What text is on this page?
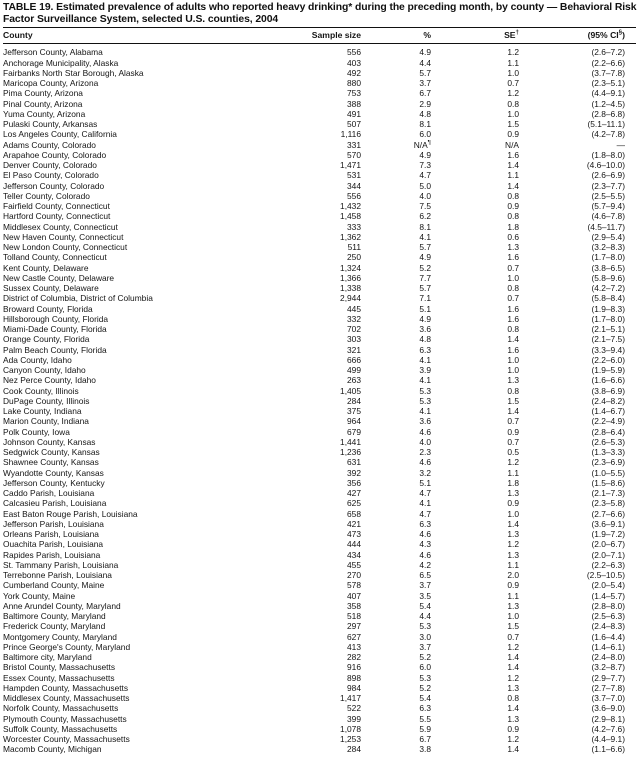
TABLE 19. Estimated prevalence of adults who reported heavy drinking* during the preceding month, by county — Behavioral Risk Factor Surveillance System, selected U.S. counties, 2004
County	Sample size	%	SE†	(95% CI§)
Jefferson County, Alabama	556	4.9	1.2	(2.6–7.2)
Anchorage Municipality, Alaska	403	4.4	1.1	(2.2–6.6)
Fairbanks North Star Borough, Alaska	492	5.7	1.0	(3.7–7.8)
Maricopa County, Arizona	880	3.7	0.7	(2.3–5.1)
Pima County, Arizona	753	6.7	1.2	(4.4–9.1)
Pinal County, Arizona	388	2.9	0.8	(1.2–4.5)
Yuma County, Arizona	491	4.8	1.0	(2.8–6.8)
Pulaski County, Arkansas	507	8.1	1.5	(5.1–11.1)
Los Angeles County, California	1,116	6.0	0.9	(4.2–7.8)
Adams County, Colorado	331	N/A¶	N/A	—
Arapahoe County, Colorado	570	4.9	1.6	(1.8–8.0)
Denver County, Colorado	1,471	7.3	1.4	(4.6–10.0)
El Paso County, Colorado	531	4.7	1.1	(2.6–6.9)
Jefferson County, Colorado	344	5.0	1.4	(2.3–7.7)
Teller County, Colorado	556	4.0	0.8	(2.5–5.5)
Fairfield County, Connecticut	1,432	7.5	0.9	(5.7–9.4)
Hartford County, Connecticut	1,458	6.2	0.8	(4.6–7.8)
Middlesex County, Connecticut	333	8.1	1.8	(4.5–11.7)
New Haven County, Connecticut	1,362	4.1	0.6	(2.9–5.4)
New London County, Connecticut	511	5.7	1.3	(3.2–8.3)
Tolland County, Connecticut	250	4.9	1.6	(1.7–8.0)
Kent County, Delaware	1,324	5.2	0.7	(3.8–6.5)
New Castle County, Delaware	1,366	7.7	1.0	(5.8–9.6)
Sussex County, Delaware	1,338	5.7	0.8	(4.2–7.2)
District of Columbia, District of Columbia	2,944	7.1	0.7	(5.8–8.4)
Broward County, Florida	445	5.1	1.6	(1.9–8.3)
Hillsborough County, Florida	332	4.9	1.6	(1.7–8.0)
Miami-Dade County, Florida	702	3.6	0.8	(2.1–5.1)
Orange County, Florida	303	4.8	1.4	(2.1–7.5)
Palm Beach County, Florida	321	6.3	1.6	(3.3–9.4)
Ada County, Idaho	666	4.1	1.0	(2.2–6.0)
Canyon County, Idaho	499	3.9	1.0	(1.9–5.9)
Nez Perce County, Idaho	263	4.1	1.3	(1.6–6.6)
Cook County, Illinois	1,405	5.3	0.8	(3.8–6.9)
DuPage County, Illinois	284	5.3	1.5	(2.4–8.2)
Lake County, Indiana	375	4.1	1.4	(1.4–6.7)
Marion County, Indiana	964	3.6	0.7	(2.2–4.9)
Polk County, Iowa	679	4.6	0.9	(2.8–6.4)
Johnson County, Kansas	1,441	4.0	0.7	(2.6–5.3)
Sedgwick County, Kansas	1,236	2.3	0.5	(1.3–3.3)
Shawnee County, Kansas	631	4.6	1.2	(2.3–6.9)
Wyandotte County, Kansas	392	3.2	1.1	(1.0–5.5)
Jefferson County, Kentucky	356	5.1	1.8	(1.5–8.6)
Caddo Parish, Louisiana	427	4.7	1.3	(2.1–7.3)
Calcasieu Parish, Louisiana	625	4.1	0.9	(2.3–5.8)
East Baton Rouge Parish, Louisiana	658	4.7	1.0	(2.7–6.6)
Jefferson Parish, Louisiana	421	6.3	1.4	(3.6–9.1)
Orleans Parish, Louisiana	473	4.6	1.3	(1.9–7.2)
Ouachita Parish, Louisiana	444	4.3	1.2	(2.0–6.7)
Rapides Parish, Louisiana	434	4.6	1.3	(2.0–7.1)
St. Tammany Parish, Louisiana	455	4.2	1.1	(2.2–6.3)
Terrebonne Parish, Louisiana	270	6.5	2.0	(2.5–10.5)
Cumberland County, Maine	578	3.7	0.9	(2.0–5.4)
York County, Maine	407	3.5	1.1	(1.4–5.7)
Anne Arundel County, Maryland	358	5.4	1.3	(2.8–8.0)
Baltimore County, Maryland	518	4.4	1.0	(2.5–6.3)
Frederick County, Maryland	297	5.3	1.5	(2.4–8.3)
Montgomery County, Maryland	627	3.0	0.7	(1.6–4.4)
Prince George's County, Maryland	413	3.7	1.2	(1.4–6.1)
Baltimore city, Maryland	282	5.2	1.4	(2.4–8.0)
Bristol County, Massachusetts	916	6.0	1.4	(3.2–8.7)
Essex County, Massachusetts	898	5.3	1.2	(2.9–7.7)
Hampden County, Massachusetts	984	5.2	1.3	(2.7–7.8)
Middlesex County, Massachusetts	1,417	5.4	0.8	(3.7–7.0)
Norfolk County, Massachusetts	522	6.3	1.4	(3.6–9.0)
Plymouth County, Massachusetts	399	5.5	1.3	(2.9–8.1)
Suffolk County, Massachusetts	1,078	5.9	0.9	(4.2–7.6)
Worcester County, Massachusetts	1,253	6.7	1.2	(4.4–9.1)
Macomb County, Michigan	284	3.8	1.4	(1.1–6.6)
